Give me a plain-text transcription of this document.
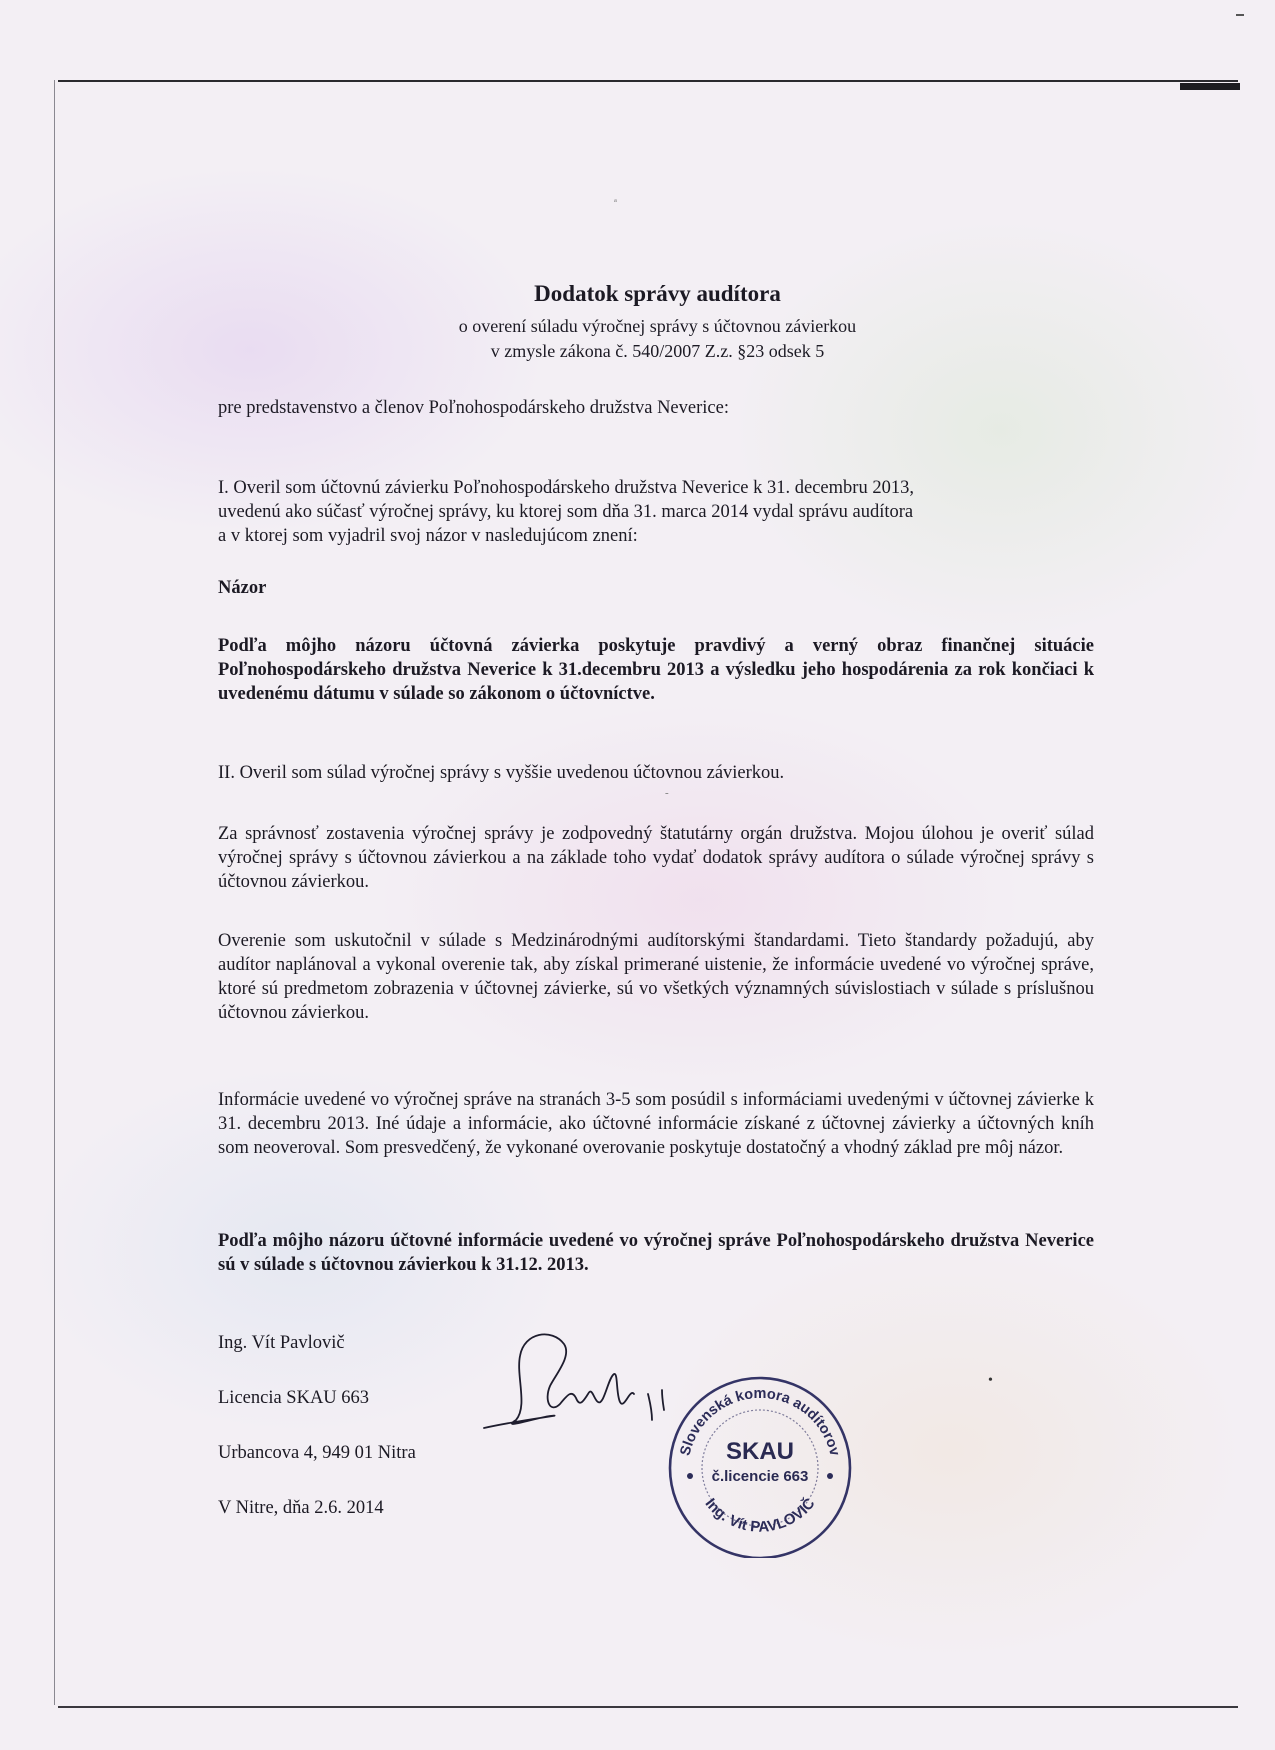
ᵃ
-
•
Dodatok správy audítora
o overení súladu výročnej správy s účtovnou závierkou
v zmysle zákona č. 540/2007 Z.z. §23 odsek 5
pre predstavenstvo a členov Poľnohospodárskeho družstva Neverice:
I. Overil som účtovnú závierku Poľnohospodárskeho družstva Neverice k 31. decembru 2013,
uvedenú ako súčasť výročnej správy, ku ktorej som dňa 31. marca 2014 vydal správu audítora
a v ktorej som vyjadril svoj názor v nasledujúcom znení:
Názor
Podľa môjho názoru účtovná závierka poskytuje pravdivý a verný obraz finančnej situácie Poľnohospodárskeho družstva Neverice k 31.decembru 2013 a výsledku jeho hospodárenia za rok končiaci k uvedenému dátumu v súlade so zákonom o účtovníctve.
II. Overil som súlad výročnej správy s vyššie uvedenou účtovnou závierkou.
Za správnosť zostavenia výročnej správy je zodpovedný štatutárny orgán družstva. Mojou úlohou je overiť súlad výročnej správy s účtovnou závierkou a na základe toho vydať dodatok správy audítora o súlade výročnej správy s účtovnou závierkou.
Overenie som uskutočnil v súlade s Medzinárodnými audítorskými štandardami. Tieto štandardy požadujú, aby audítor naplánoval a vykonal overenie tak, aby získal primerané uistenie, že informácie uvedené vo výročnej správe, ktoré sú predmetom zobrazenia v účtovnej závierke, sú vo všetkých významných súvislostiach v súlade s príslušnou účtovnou závierkou.
Informácie uvedené vo výročnej správe na stranách 3-5 som posúdil s informáciami uvedenými v účtovnej závierke k 31. decembru 2013. Iné údaje a informácie, ako účtovné informácie získané z účtovnej závierky a účtovných kníh som neoveroval. Som presvedčený, že vykonané overovanie poskytuje dostatočný a vhodný základ pre môj názor.
Podľa môjho názoru účtovné informácie uvedené vo výročnej správe Poľnohospodárskeho družstva Neverice sú v súlade s účtovnou závierkou k 31.12. 2013.
Ing. Vít Pavlovič
Licencia SKAU 663
Urbancova 4, 949 01 Nitra
V Nitre, dňa 2.6. 2014
Slovenská komora audítorov
Ing. Vít PAVLOVIČ
SKAU
č.licencie 663
